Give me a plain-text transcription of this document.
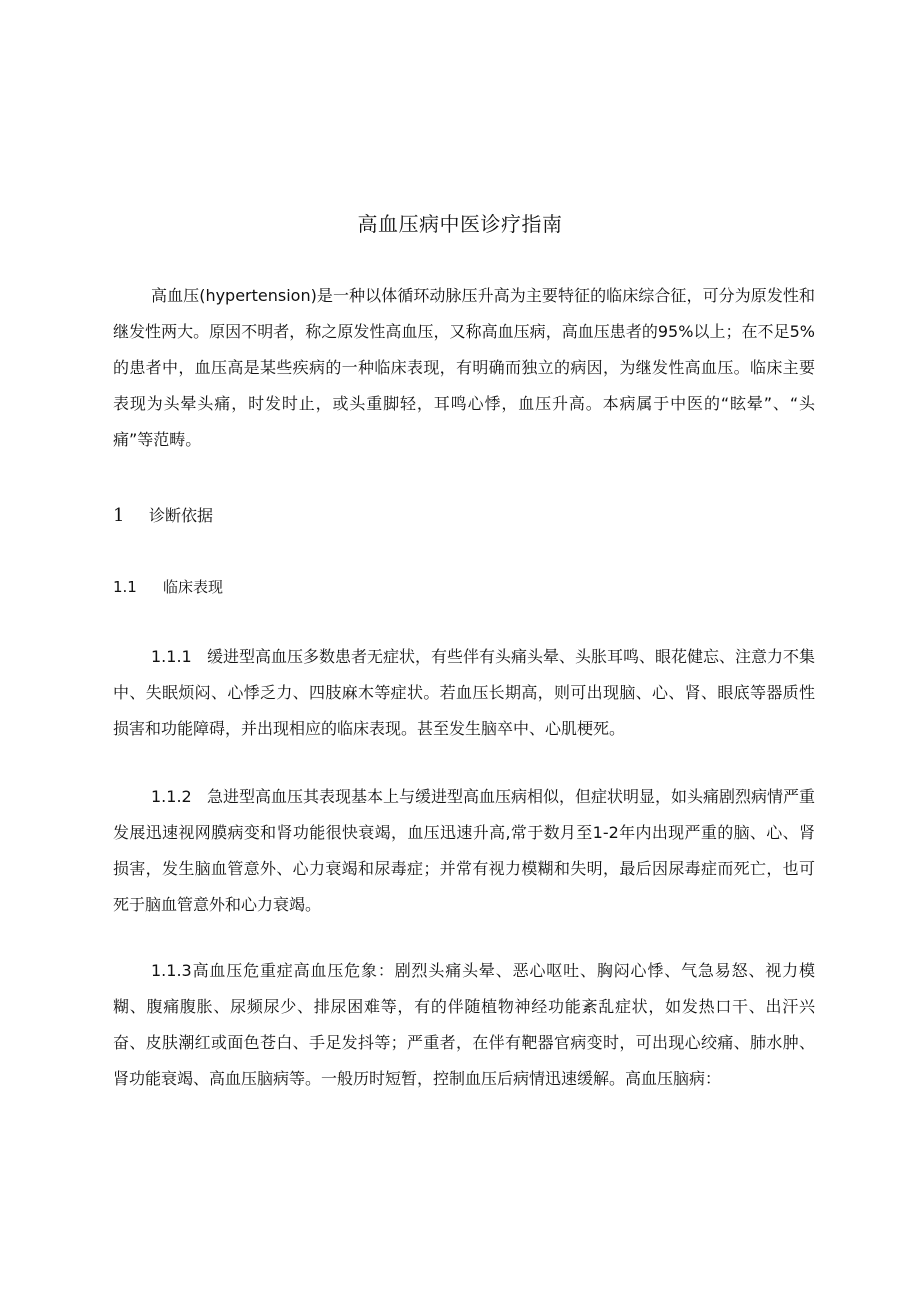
高血压病中医诊疗指南

高血压(hypertension)是一种以体循环动脉压升高为主要特征的临床综合征，可分为原发性和继发性两大。原因不明者，称之原发性高血压，又称高血压病，高血压患者的95%以上；在不足5%的患者中，血压高是某些疾病的一种临床表现，有明确而独立的病因，为继发性高血压。临床主要表现为头晕头痛，时发时止，或头重脚轻，耳鸣心悸，血压升高。本病属于中医的“眩晕”、“头痛”等范畴。

1 诊断依据
1.1 临床表现

1.1.1 缓进型高血压多数患者无症状，有些伴有头痛头晕、头胀耳鸣、眼花健忘、注意力不集中、失眠烦闷、心悸乏力、四肢麻木等症状。若血压长期高，则可出现脑、心、肾、眼底等器质性损害和功能障碍，并出现相应的临床表现。甚至发生脑卒中、心肌梗死。

1.1.2 急进型高血压其表现基本上与缓进型高血压病相似，但症状明显，如头痛剧烈病情严重发展迅速视网膜病变和肾功能很快衰竭，血压迅速升高,常于数月至1-2年内出现严重的脑、心、肾损害，发生脑血管意外、心力衰竭和尿毒症；并常有视力模糊和失明，最后因尿毒症而死亡，也可死于脑血管意外和心力衰竭。

1.1.3高血压危重症高血压危象：剧烈头痛头晕、恶心呕吐、胸闷心悸、气急易怒、视力模糊、腹痛腹胀、尿频尿少、排尿困难等，有的伴随植物神经功能紊乱症状，如发热口干、出汗兴奋、皮肤潮红或面色苍白、手足发抖等；严重者，在伴有靶器官病变时，可出现心绞痛、肺水肿、肾功能衰竭、高血压脑病等。一般历时短暂，控制血压后病情迅速缓解。高血压脑病：
